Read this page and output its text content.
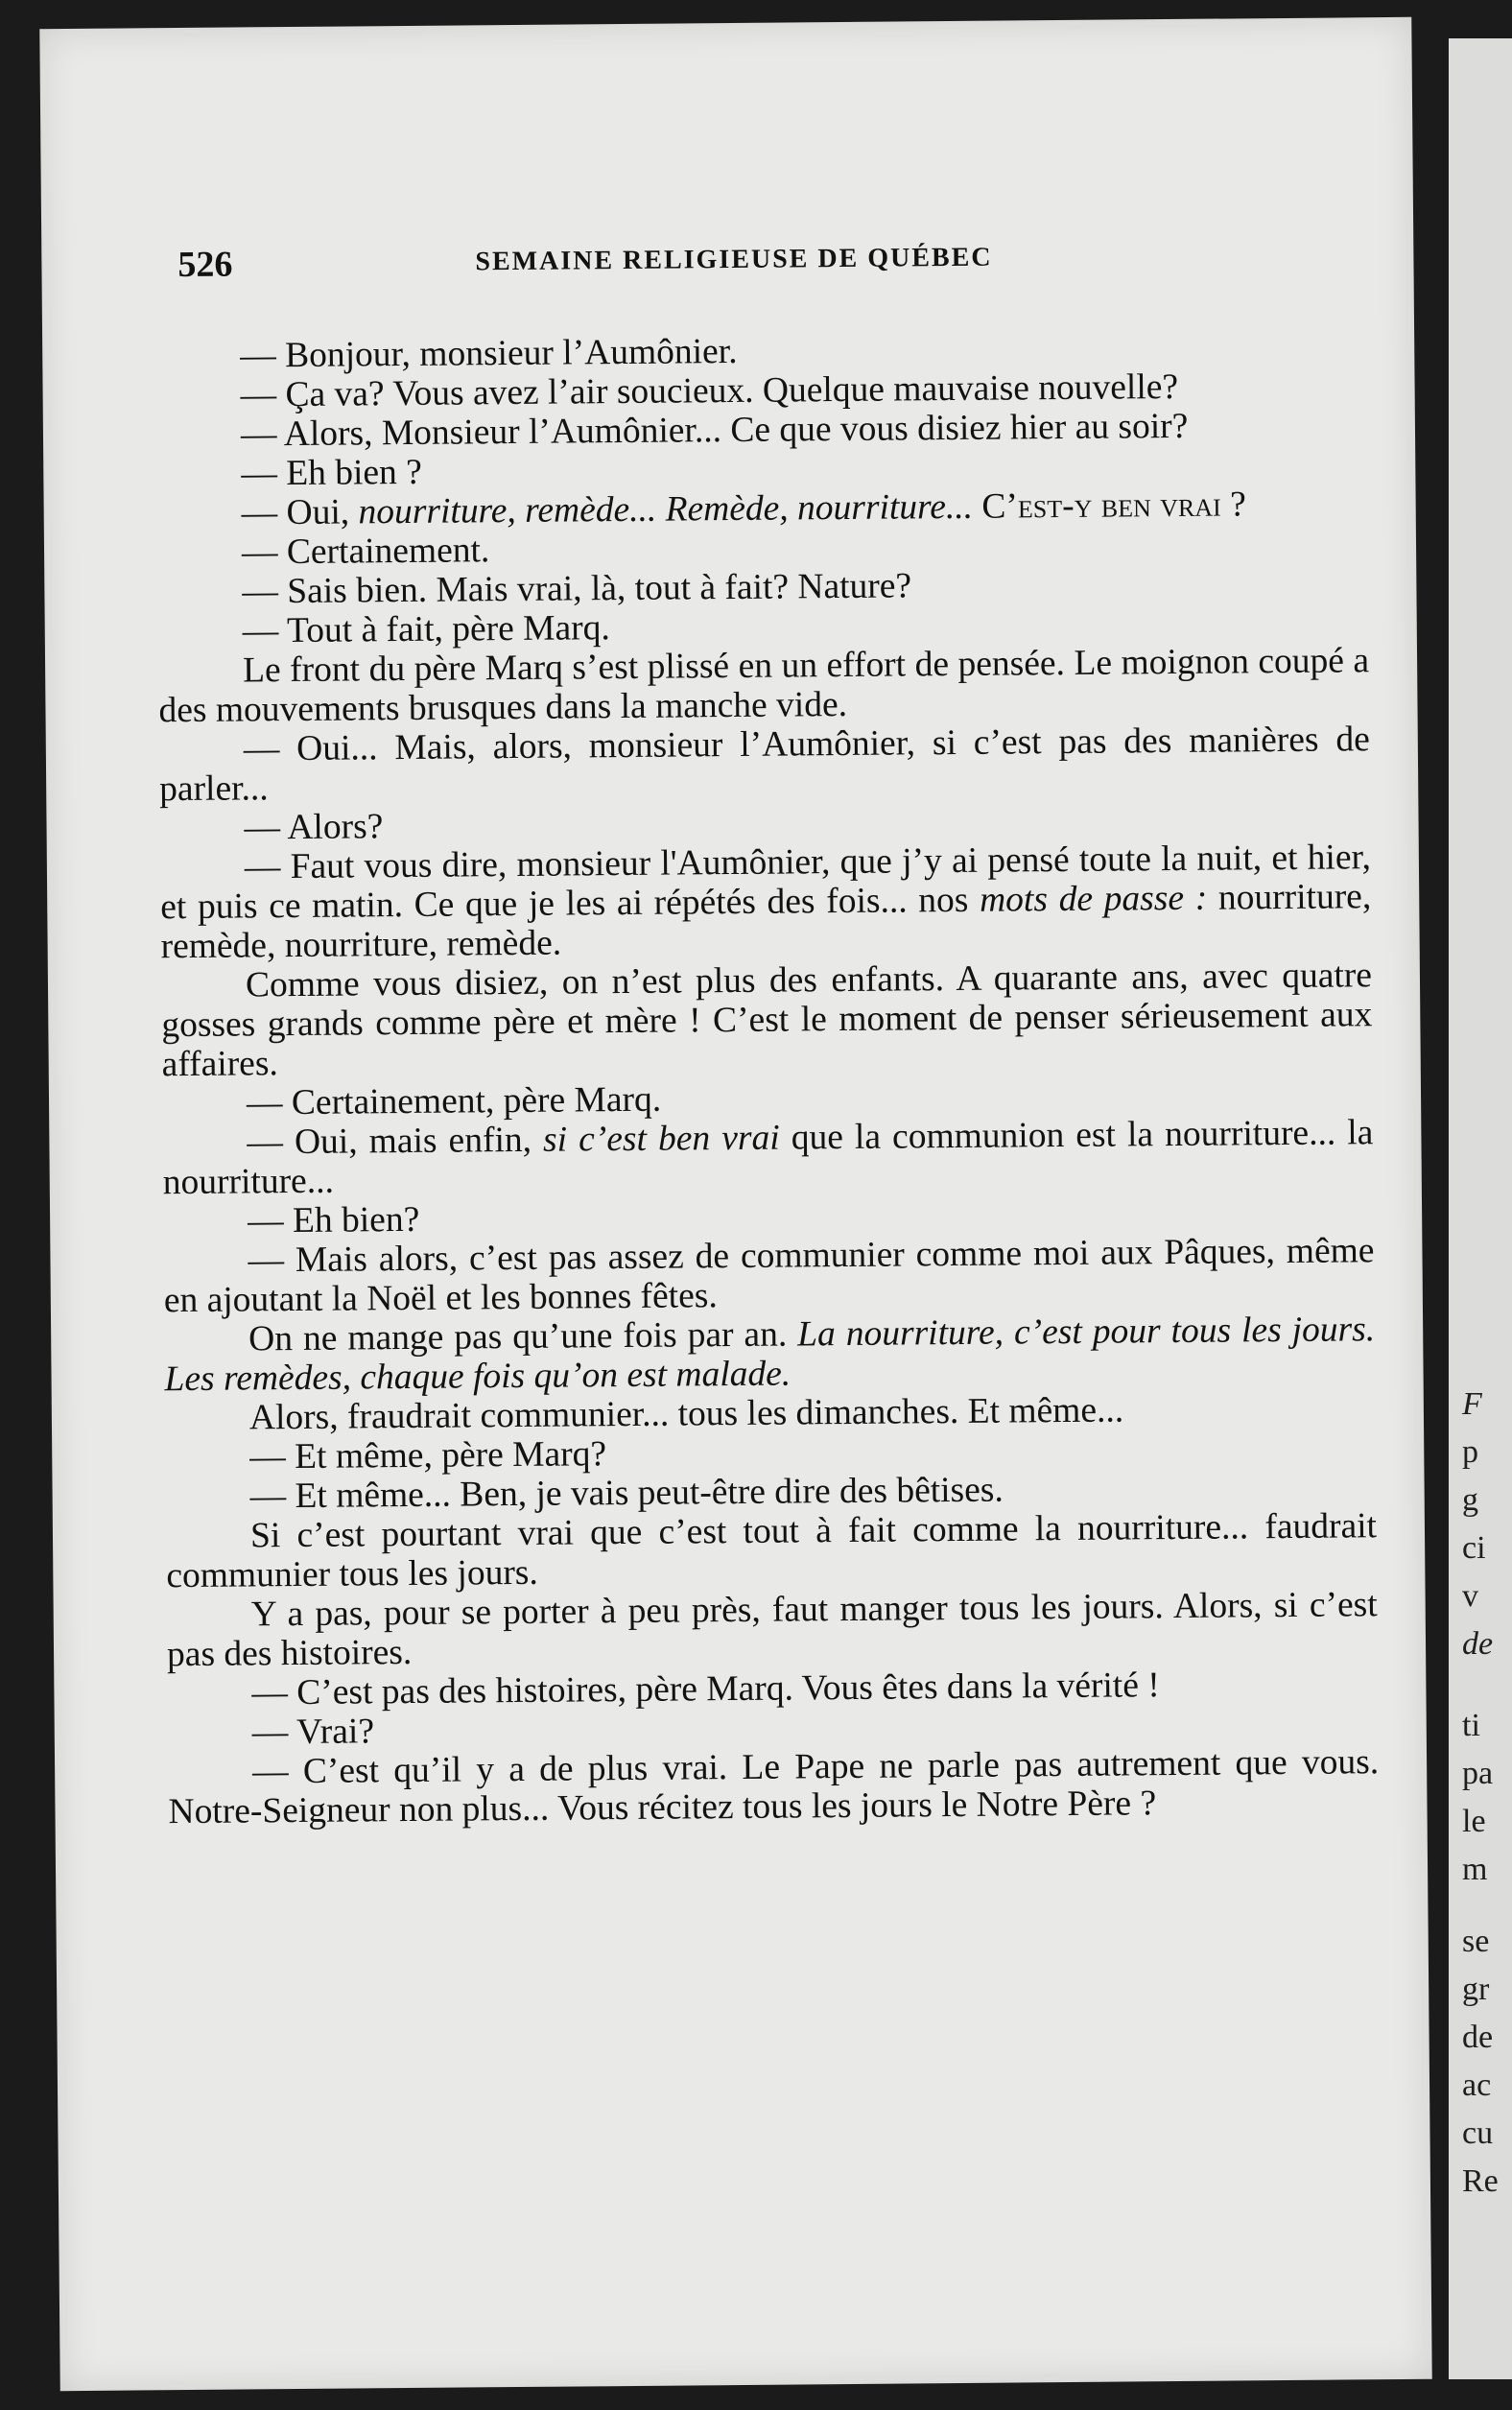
526	SEMAINE RELIGIEUSE DE QUÉBEC

— Bonjour, monsieur l’Aumônier.

— Ça va? Vous avez l’air soucieux. Quelque mauvaise nouvelle?

— Alors, Monsieur l’Aumônier... Ce que vous disiez hier au soir?

— Eh bien ?

— Oui, nourriture, remède... Remède, nourriture... C’est-y ben vrai ?

— Certainement.

— Sais bien. Mais vrai, là, tout à fait? Nature?

— Tout à fait, père Marq.

Le front du père Marq s’est plissé en un effort de pensée. Le moignon coupé a des mouvements brusques dans la manche vide.

— Oui... Mais, alors, monsieur l’Aumônier, si c’est pas des manières de parler...

— Alors?

— Faut vous dire, monsieur l'Aumônier, que j’y ai pensé toute la nuit, et hier, et puis ce matin. Ce que je les ai répétés des fois... nos mots de passe : nourriture, remède, nourriture, remède.

Comme vous disiez, on n’est plus des enfants. A quarante ans, avec quatre gosses grands comme père et mère ! C’est le moment de penser sérieusement aux affaires.

— Certainement, père Marq.

— Oui, mais enfin, si c’est ben vrai que la communion est la nourriture... la nourriture...

— Eh bien?

— Mais alors, c’est pas assez de communier comme moi aux Pâques, même en ajoutant la Noël et les bonnes fêtes.

On ne mange pas qu’une fois par an. La nourriture, c’est pour tous les jours. Les remèdes, chaque fois qu’on est malade.

Alors, fraudrait communier... tous les dimanches. Et même...

— Et même, père Marq?

— Et même... Ben, je vais peut-être dire des bêtises.

Si c’est pourtant vrai que c’est tout à fait comme la nourriture... faudrait communier tous les jours.

Y a pas, pour se porter à peu près, faut manger tous les jours. Alors, si c’est pas des histoires.

— C’est pas des histoires, père Marq. Vous êtes dans la vérité !

— Vrai?

— C’est qu’il y a de plus vrai. Le Pape ne parle pas autrement que vous. Notre-Seigneur non plus... Vous récitez tous les jours le Notre Père ?

F
p
g
ci
v
de
ti
pa
le
m
se
gr
de
ac
cu
Re
